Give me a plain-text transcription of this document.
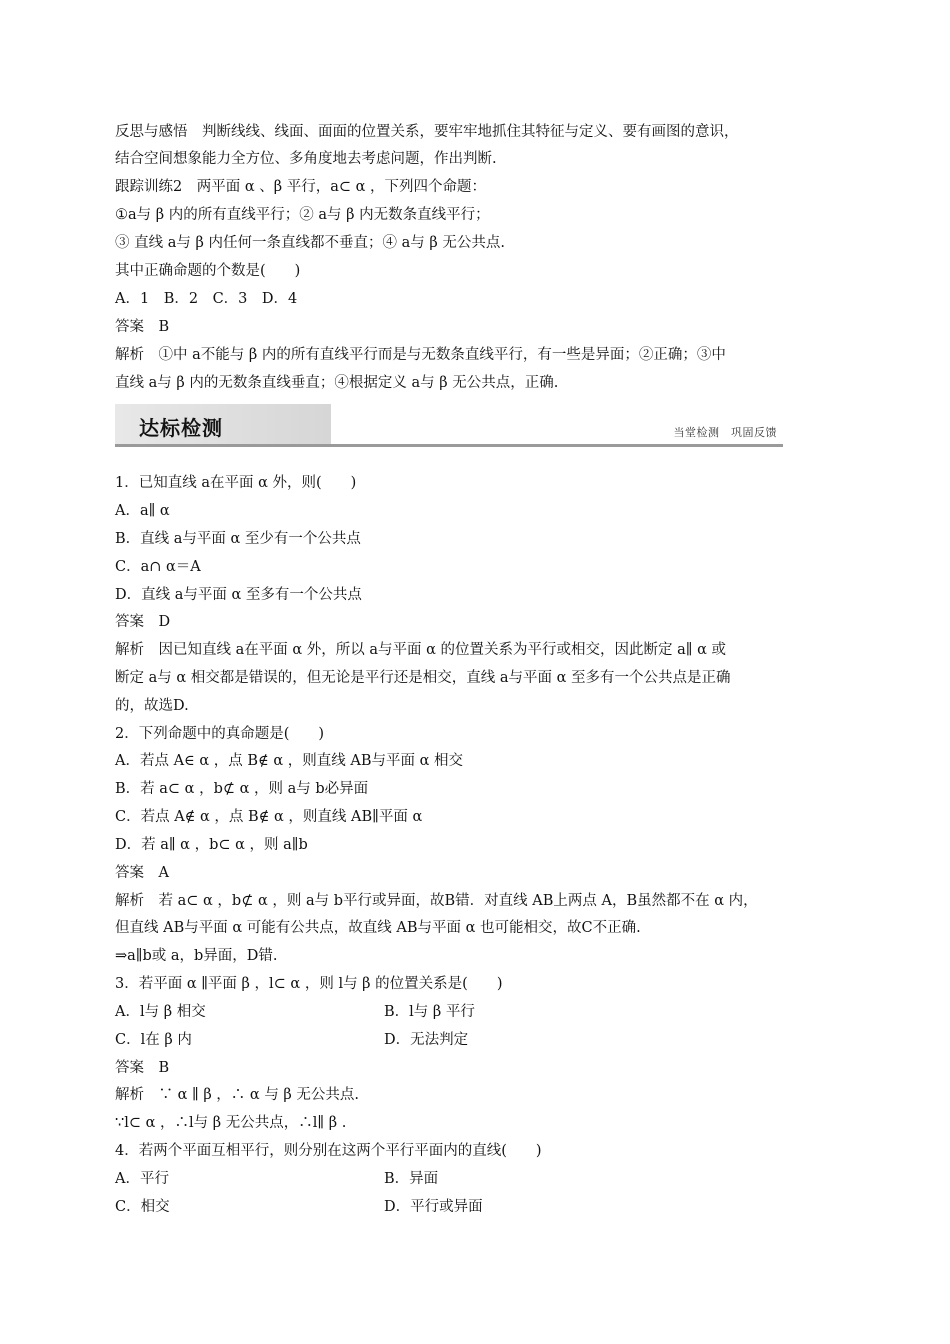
反思与感悟　判断线线、线面、面面的位置关系，要牢牢地抓住其特征与定义、要有画图的意识，
结合空间想象能力全方位、多角度地去考虑问题，作出判断.
跟踪训练2　两平面 α 、β 平行，a⊂ α ，下列四个命题：
①a与 β 内的所有直线平行；② a与 β 内无数条直线平行；
③ 直线 a与 β 内任何一条直线都不垂直；④ a与 β 无公共点.
其中正确命题的个数是(　　)
A．1　B．2　C．3　D．4
答案　B
解析　①中 a不能与 β 内的所有直线平行而是与无数条直线平行，有一些是异面；②正确；③中
直线 a与 β 内的无数条直线垂直；④根据定义 a与 β 无公共点，正确.
达标检测	当堂检测　巩固反馈
1．已知直线 a在平面 α 外，则(　　)
A．a∥ α
B．直线 a与平面 α 至少有一个公共点
C．a∩ α＝A
D．直线 a与平面 α 至多有一个公共点
答案　D
解析　因已知直线 a在平面 α 外，所以 a与平面 α 的位置关系为平行或相交，因此断定 a∥ α 或
断定 a与 α 相交都是错误的，但无论是平行还是相交，直线 a与平面 α 至多有一个公共点是正确
的，故选D.
2．下列命题中的真命题是(　　)
A．若点 A∈ α ，点 B∉ α ，则直线 AB与平面 α 相交
B．若 a⊂ α ，b⊄ α ，则 a与 b必异面
C．若点 A∉ α ，点 B∉ α ，则直线 AB∥平面 α
D．若 a∥ α ，b⊂ α ，则 a∥b
答案　A
解析　若 a⊂ α ，b⊄ α ，则 a与 b平行或异面，故B错．对直线 AB上两点 A，B虽然都不在 α 内，
但直线 AB与平面 α 可能有公共点，故直线 AB与平面 α 也可能相交，故C不正确.
⇒a∥b或 a，b异面，D错.
3．若平面 α ∥平面 β ，l⊂ α ，则 l与 β 的位置关系是(　　)
A．l与 β 相交	B．l与 β 平行
C．l在 β 内	D．无法判定
答案　B
解析　∵ α ∥ β ，∴ α 与 β 无公共点.
∵l⊂ α ，∴l与 β 无公共点，∴l∥ β .
4．若两个平面互相平行，则分别在这两个平行平面内的直线(　　)
A．平行	B．异面
C．相交	D．平行或异面
